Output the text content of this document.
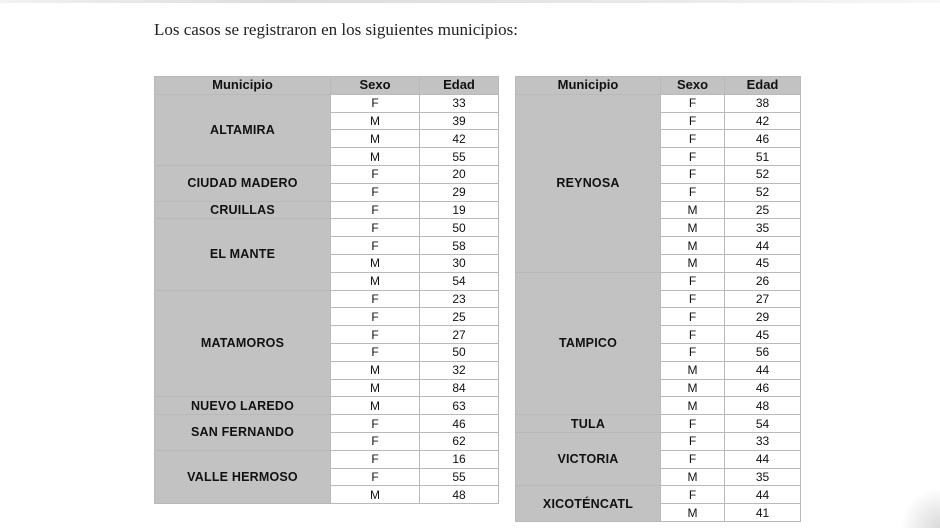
Los casos se registraron en los siguientes municipios:

Municipio	Sexo	Edad
ALTAMIRA	F	33
	M	39
	M	42
	M	55
CIUDAD MADERO	F	20
	F	29
CRUILLAS	F	19
EL MANTE	F	50
	F	58
	M	30
	M	54
MATAMOROS	F	23
	F	25
	F	27
	F	50
	M	32
	M	84
NUEVO LAREDO	M	63
SAN FERNANDO	F	46
	F	62
VALLE HERMOSO	F	16
	F	55
	M	48
Municipio	Sexo	Edad
REYNOSA	F	38
	F	42
	F	46
	F	51
	F	52
	F	52
	M	25
	M	35
	M	44
	M	45
TAMPICO	F	26
	F	27
	F	29
	F	45
	F	56
	M	44
	M	46
	M	48
TULA	F	54
VICTORIA	F	33
	F	44
	M	35
XICOTÉNCATL	F	44
	M	41
